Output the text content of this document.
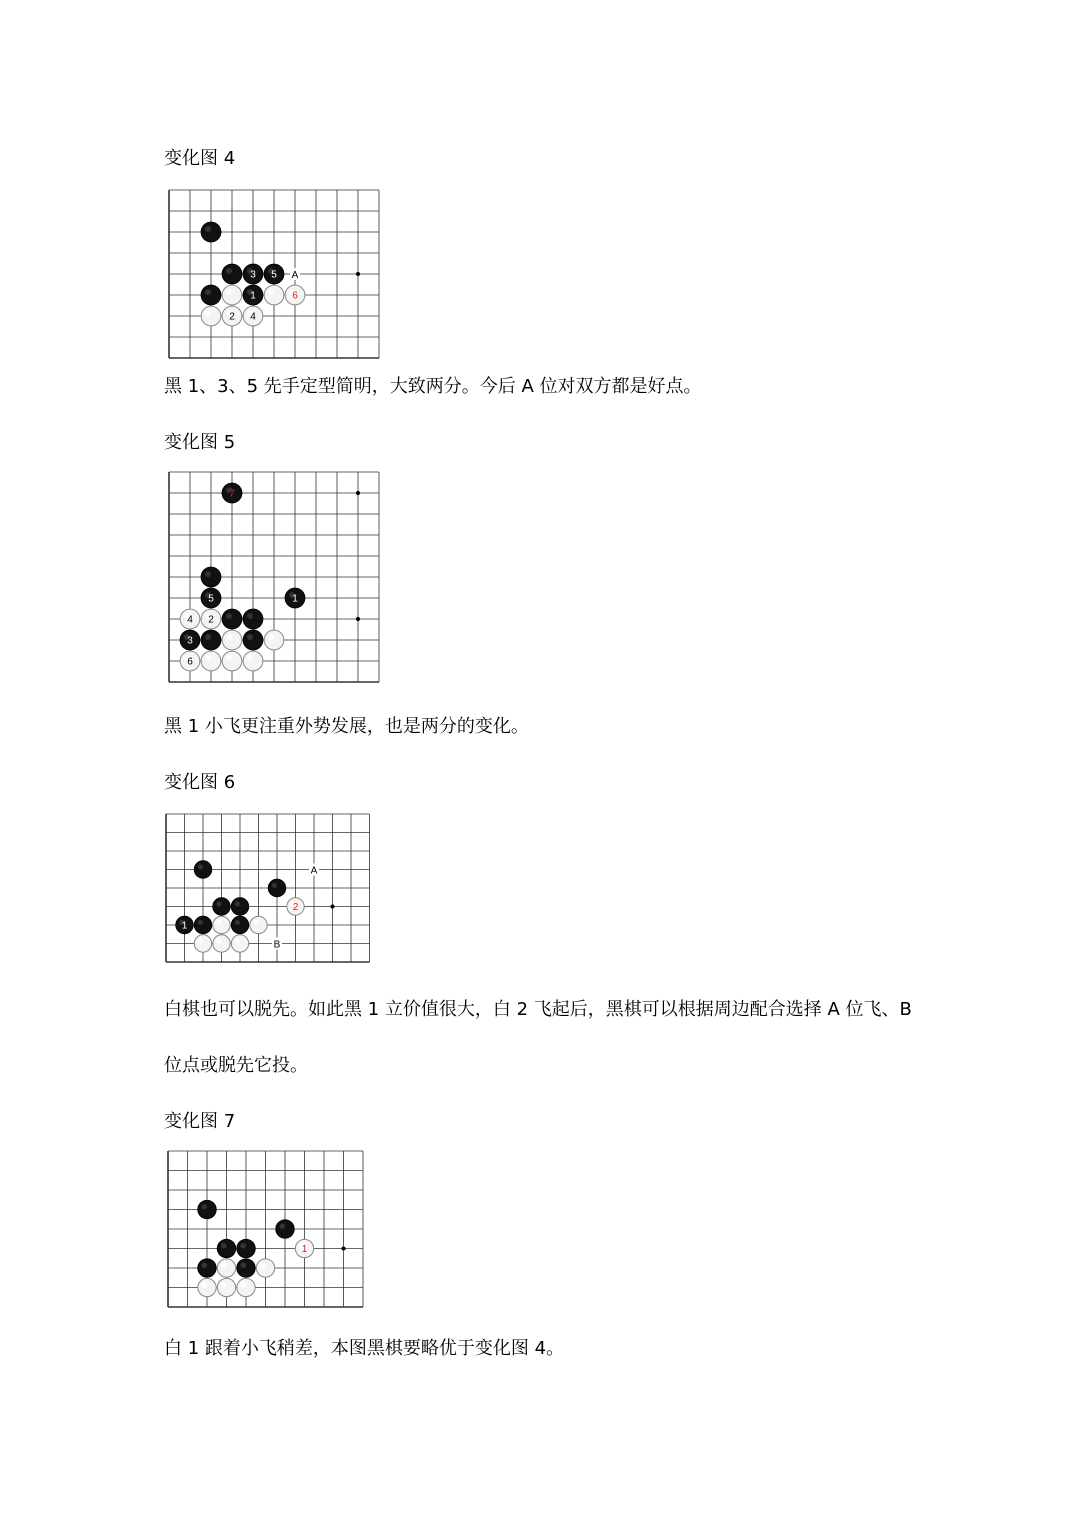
变化图 4
A
3 5
1	6
2 4
黑 1、3、5 先手定型简明，大致两分。今后 A 位对双方都是好点。
变化图 5
7
5	1
4 2
3
6
黑 1 小飞更注重外势发展，也是两分的变化。
变化图 6
A
B
2
1
白棋也可以脱先。如此黑 1 立价值很大，白 2 飞起后，黑棋可以根据周边配合选择 A 位飞、B
位点或脱先它投。
变化图 7
1
白 1 跟着小飞稍差，本图黑棋要略优于变化图 4。
